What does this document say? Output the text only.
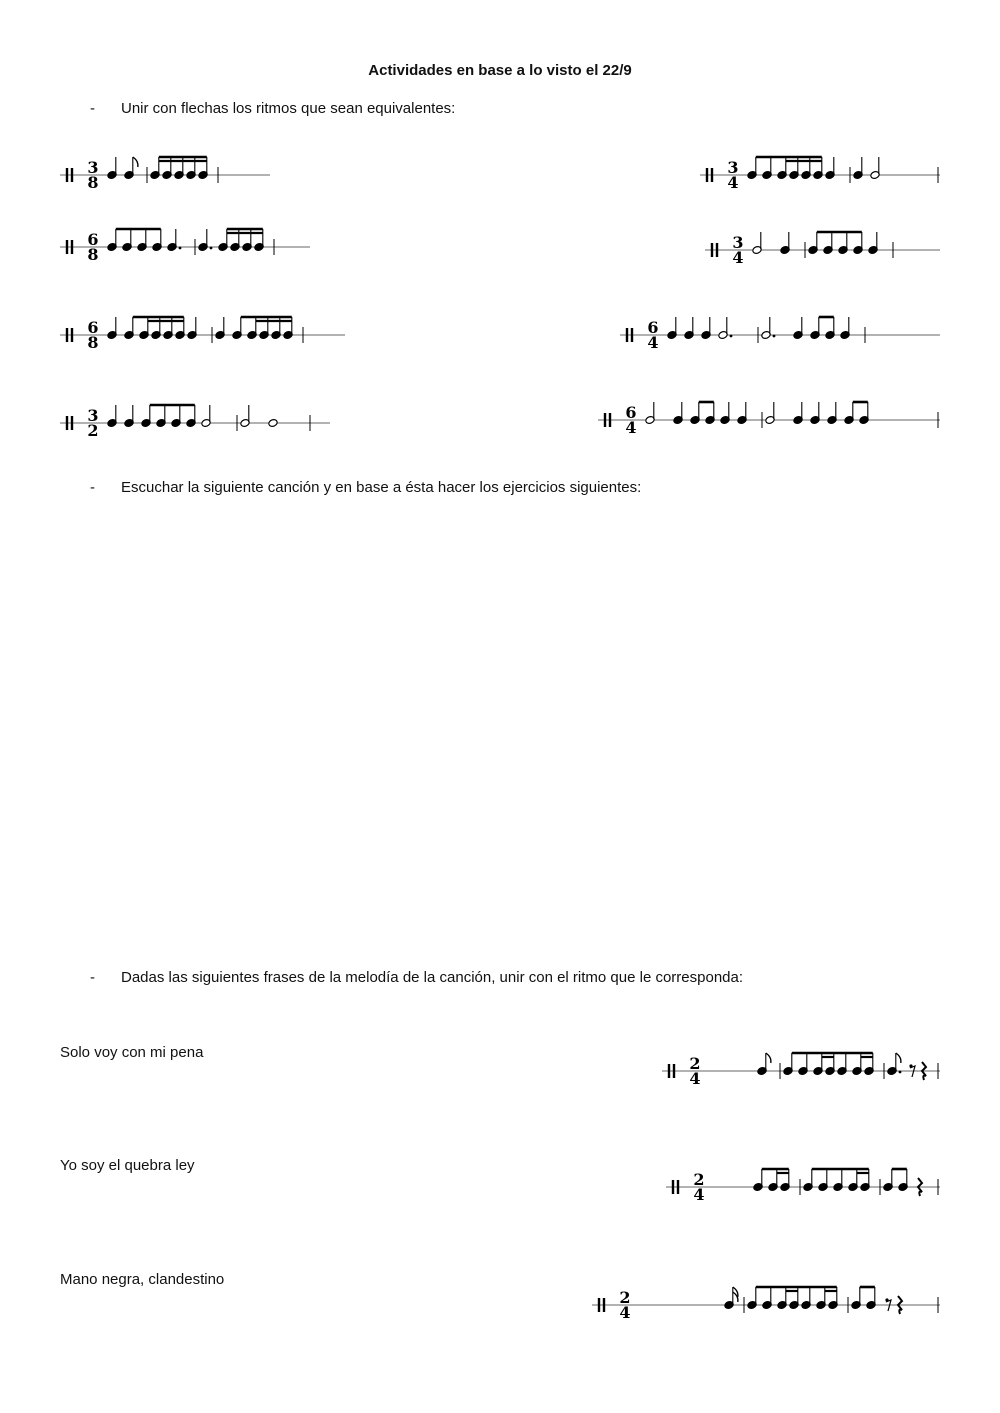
Actividades en base a lo visto el 22/9
- Unir con flechas los ritmos que sean equivalentes:
3
8
6
8
6
8
3
2
3
4
3
4
6
4
6
4
- Escuchar la siguiente canción y en base a ésta hacer los ejercicios siguientes:
- Dadas las siguientes frases de la melodía de la canción, unir con el ritmo que le corresponda:
Solo voy con mi pena
Yo soy el quebra ley
Mano negra, clandestino
2
4
2
4
2
4
